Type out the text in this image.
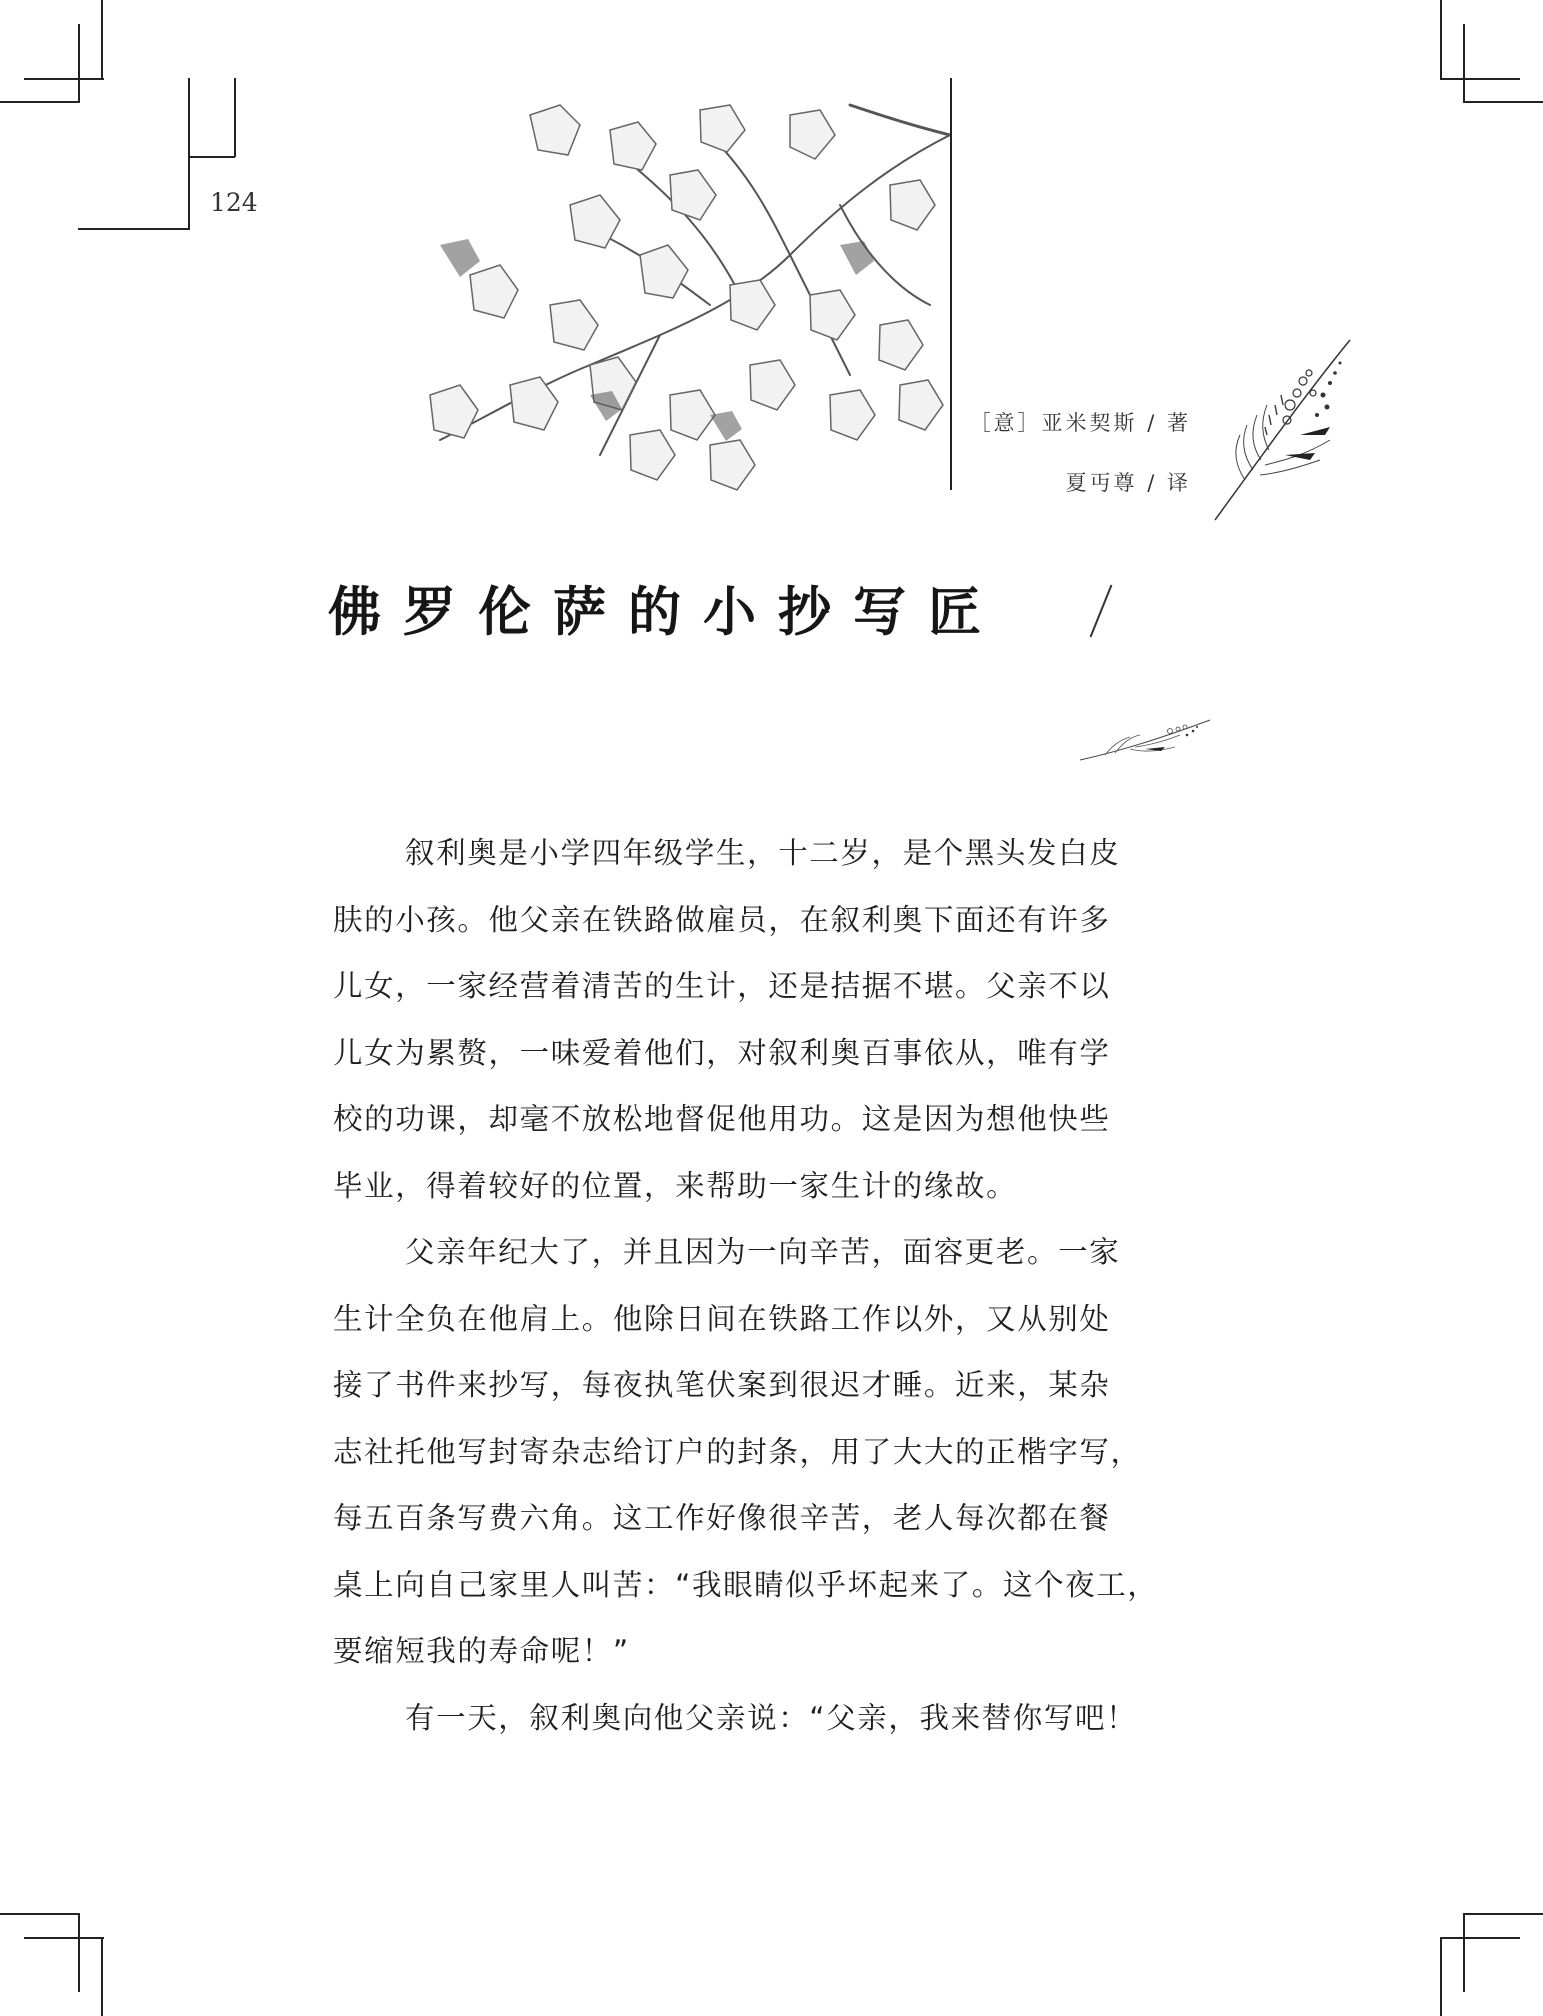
124
［意］亚米契斯 / 著
夏丏尊 / 译
佛罗伦萨的小抄写匠

叙利奥是小学四年级学生，十二岁，是个黑头发白皮
肤的小孩。他父亲在铁路做雇员，在叙利奥下面还有许多
儿女，一家经营着清苦的生计，还是拮据不堪。父亲不以
儿女为累赘，一味爱着他们，对叙利奥百事依从，唯有学
校的功课，却毫不放松地督促他用功。这是因为想他快些
毕业，得着较好的位置，来帮助一家生计的缘故。

父亲年纪大了，并且因为一向辛苦，面容更老。一家
生计全负在他肩上。他除日间在铁路工作以外，又从别处
接了书件来抄写，每夜执笔伏案到很迟才睡。近来，某杂
志社托他写封寄杂志给订户的封条，用了大大的正楷字写，
每五百条写费六角。这工作好像很辛苦，老人每次都在餐
桌上向自己家里人叫苦：“我眼睛似乎坏起来了。这个夜工，
要缩短我的寿命呢！”

有一天，叙利奥向他父亲说：“父亲，我来替你写吧！
